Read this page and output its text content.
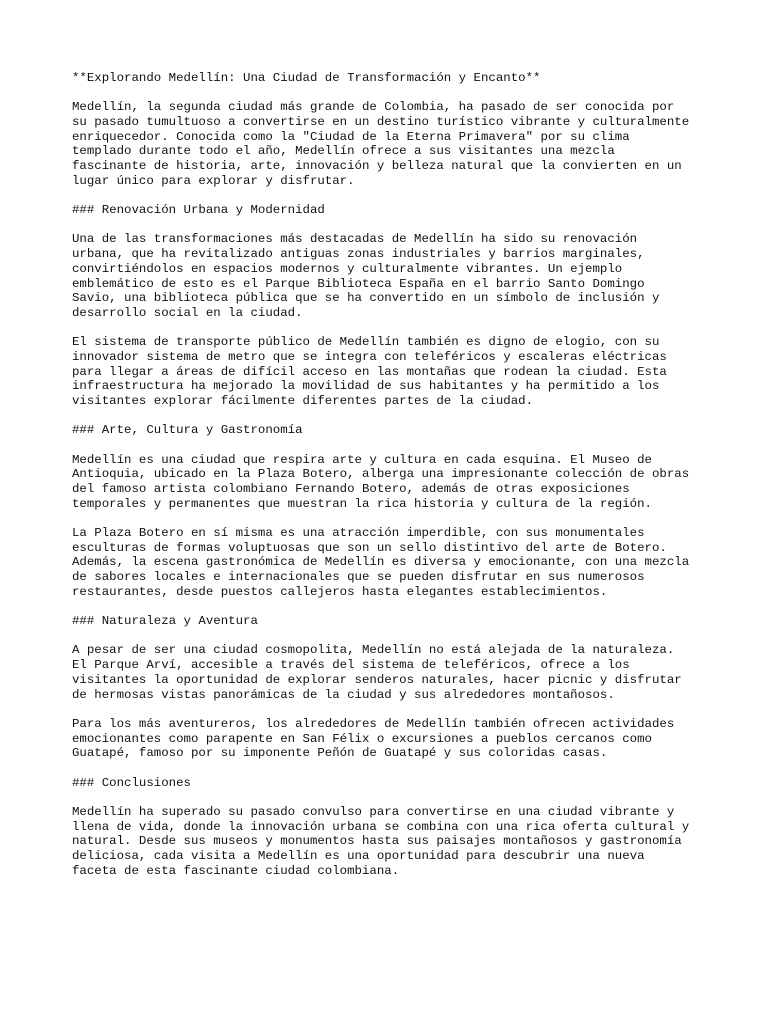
**Explorando Medellín: Una Ciudad de Transformación y Encanto**

Medellín, la segunda ciudad más grande de Colombia, ha pasado de ser conocida por
su pasado tumultuoso a convertirse en un destino turístico vibrante y culturalmente
enriquecedor. Conocida como la "Ciudad de la Eterna Primavera" por su clima
templado durante todo el año, Medellín ofrece a sus visitantes una mezcla
fascinante de historia, arte, innovación y belleza natural que la convierten en un
lugar único para explorar y disfrutar.

### Renovación Urbana y Modernidad

Una de las transformaciones más destacadas de Medellín ha sido su renovación
urbana, que ha revitalizado antiguas zonas industriales y barrios marginales,
convirtiéndolos en espacios modernos y culturalmente vibrantes. Un ejemplo
emblemático de esto es el Parque Biblioteca España en el barrio Santo Domingo
Savio, una biblioteca pública que se ha convertido en un símbolo de inclusión y
desarrollo social en la ciudad.

El sistema de transporte público de Medellín también es digno de elogio, con su
innovador sistema de metro que se integra con teleféricos y escaleras eléctricas
para llegar a áreas de difícil acceso en las montañas que rodean la ciudad. Esta
infraestructura ha mejorado la movilidad de sus habitantes y ha permitido a los
visitantes explorar fácilmente diferentes partes de la ciudad.

### Arte, Cultura y Gastronomía

Medellín es una ciudad que respira arte y cultura en cada esquina. El Museo de
Antioquia, ubicado en la Plaza Botero, alberga una impresionante colección de obras
del famoso artista colombiano Fernando Botero, además de otras exposiciones
temporales y permanentes que muestran la rica historia y cultura de la región.

La Plaza Botero en sí misma es una atracción imperdible, con sus monumentales
esculturas de formas voluptuosas que son un sello distintivo del arte de Botero.
Además, la escena gastronómica de Medellín es diversa y emocionante, con una mezcla
de sabores locales e internacionales que se pueden disfrutar en sus numerosos
restaurantes, desde puestos callejeros hasta elegantes establecimientos.

### Naturaleza y Aventura

A pesar de ser una ciudad cosmopolita, Medellín no está alejada de la naturaleza.
El Parque Arví, accesible a través del sistema de teleféricos, ofrece a los
visitantes la oportunidad de explorar senderos naturales, hacer picnic y disfrutar
de hermosas vistas panorámicas de la ciudad y sus alrededores montañosos.

Para los más aventureros, los alrededores de Medellín también ofrecen actividades
emocionantes como parapente en San Félix o excursiones a pueblos cercanos como
Guatapé, famoso por su imponente Peñón de Guatapé y sus coloridas casas.

### Conclusiones

Medellín ha superado su pasado convulso para convertirse en una ciudad vibrante y
llena de vida, donde la innovación urbana se combina con una rica oferta cultural y
natural. Desde sus museos y monumentos hasta sus paisajes montañosos y gastronomía
deliciosa, cada visita a Medellín es una oportunidad para descubrir una nueva
faceta de esta fascinante ciudad colombiana.
